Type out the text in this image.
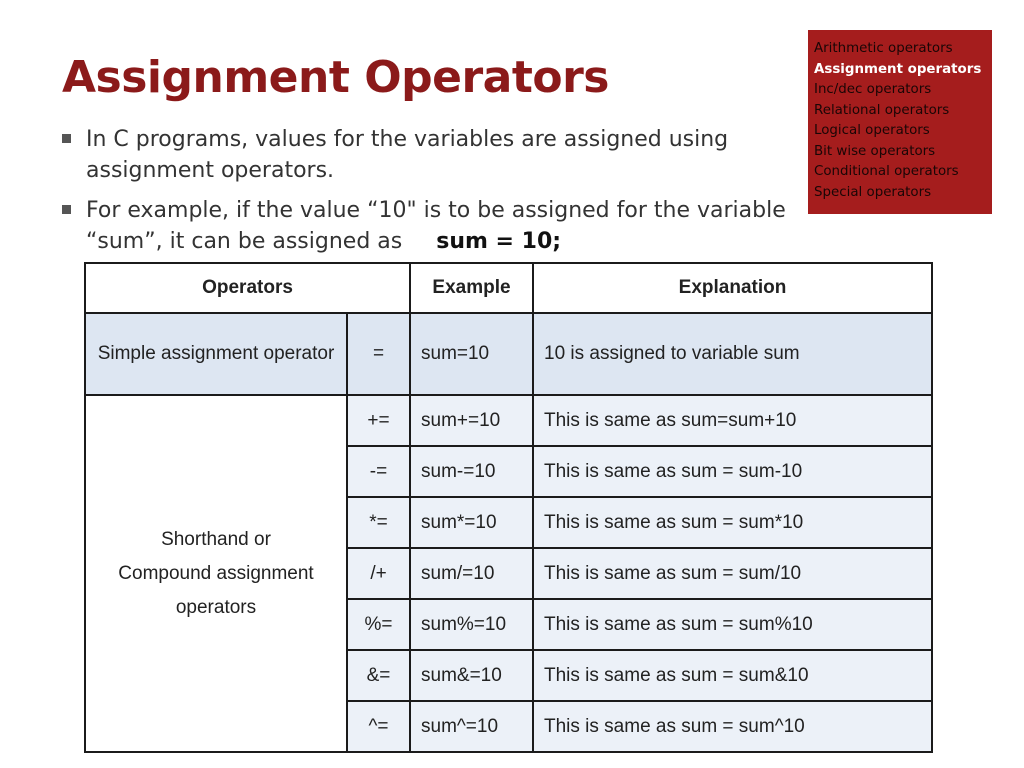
Assignment Operators
Arithmetic operators
Assignment operators
Inc/dec operators
Relational operators
Logical operators
Bit wise operators
Conditional operators
Special operators
In C programs, values for the variables are assigned using assignment operators.
For example, if the value “10" is to be assigned for the variable “sum”, it can be assigned as sum = 10;
Operators		Example	Explanation
Simple assignment operator	=	sum=10	10 is assigned to variable sum

Shorthand or
Compound assignment
operators	+=	sum+=10	This is same as sum=sum+10
	-=	sum-=10	This is same as sum = sum-10
	*=	sum*=10	This is same as sum = sum*10
	/+	sum/=10	This is same as sum = sum/10
	%=	sum%=10	This is same as sum = sum%10
	&=	sum&=10	This is same as sum = sum&10
	^=	sum^=10	This is same as sum = sum^10
